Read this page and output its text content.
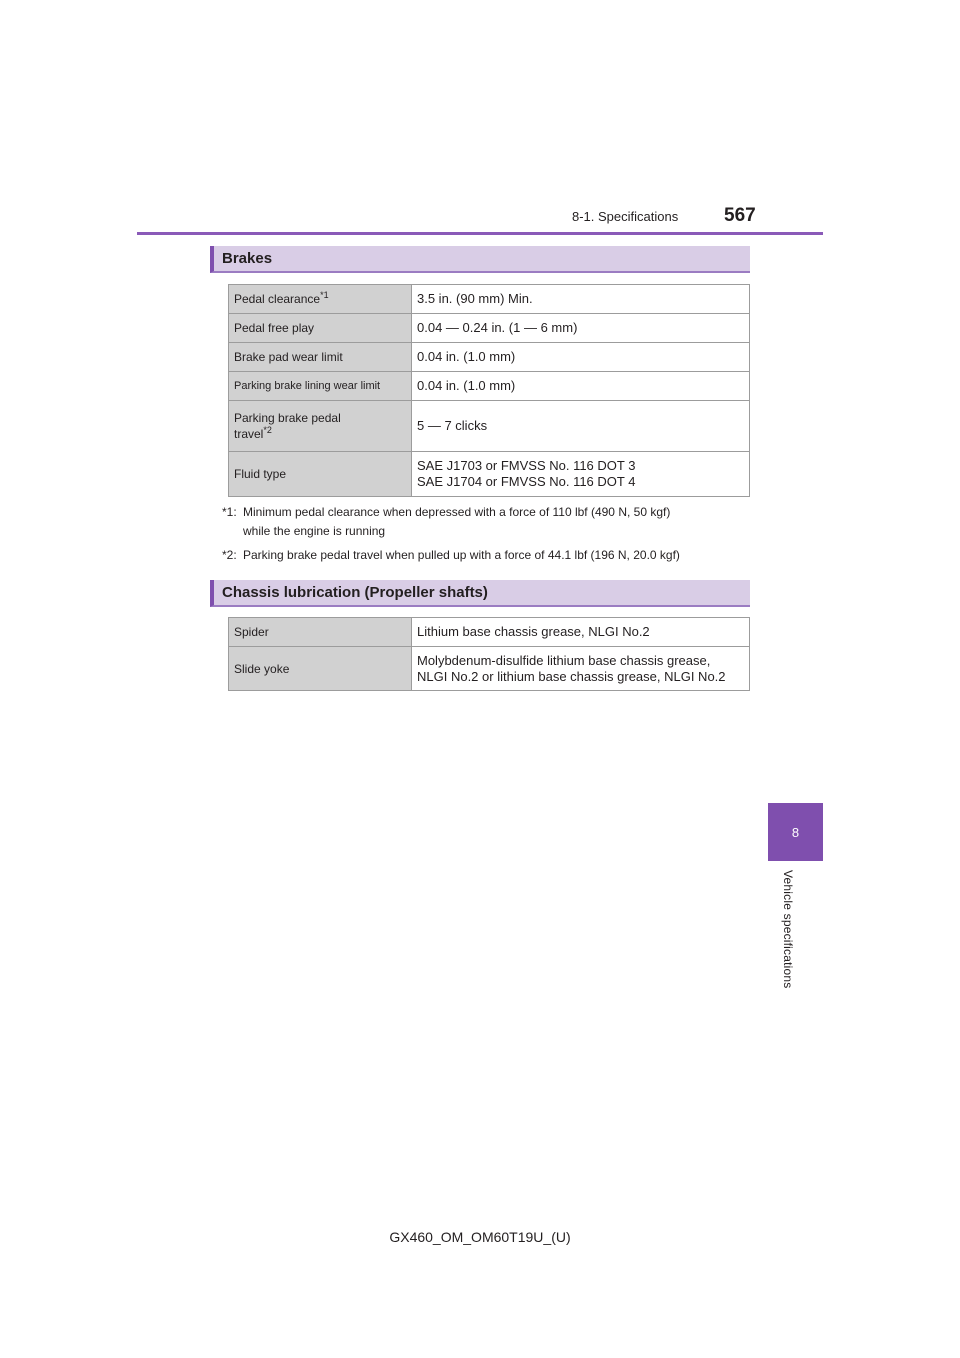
8-1. Specifications 567
8
Vehicle specifications
Brakes
Pedal clearance$^{*1}$	3.5 in. (90 mm) Min.
Pedal free play	0.04 — 0.24 in. (1 — 6 mm)
Brake pad wear limit	0.04 in. (1.0 mm)
Parking brake lining wear limit	0.04 in. (1.0 mm)

Parking brake pedal
travel$^{*2}$	5 — 7 clicks
Fluid type	SAE J1703 or FMVSS No. 116 DOT 3
SAE J1704 or FMVSS No. 116 DOT 4
*1: Minimum pedal clearance when depressed with a force of 110 lbf (490 N, 50 kgf)
while the engine is running
*2: Parking brake pedal travel when pulled up with a force of 44.1 lbf (196 N, 20.0 kgf)
Chassis lubrication (Propeller shafts)
Spider	Lithium base chassis grease, NLGI No.2
Slide yoke	Molybdenum-disulfide lithium base chassis grease,
NLGI No.2 or lithium base chassis grease, NLGI No.2
GX460_OM_OM60T19U_(U)
